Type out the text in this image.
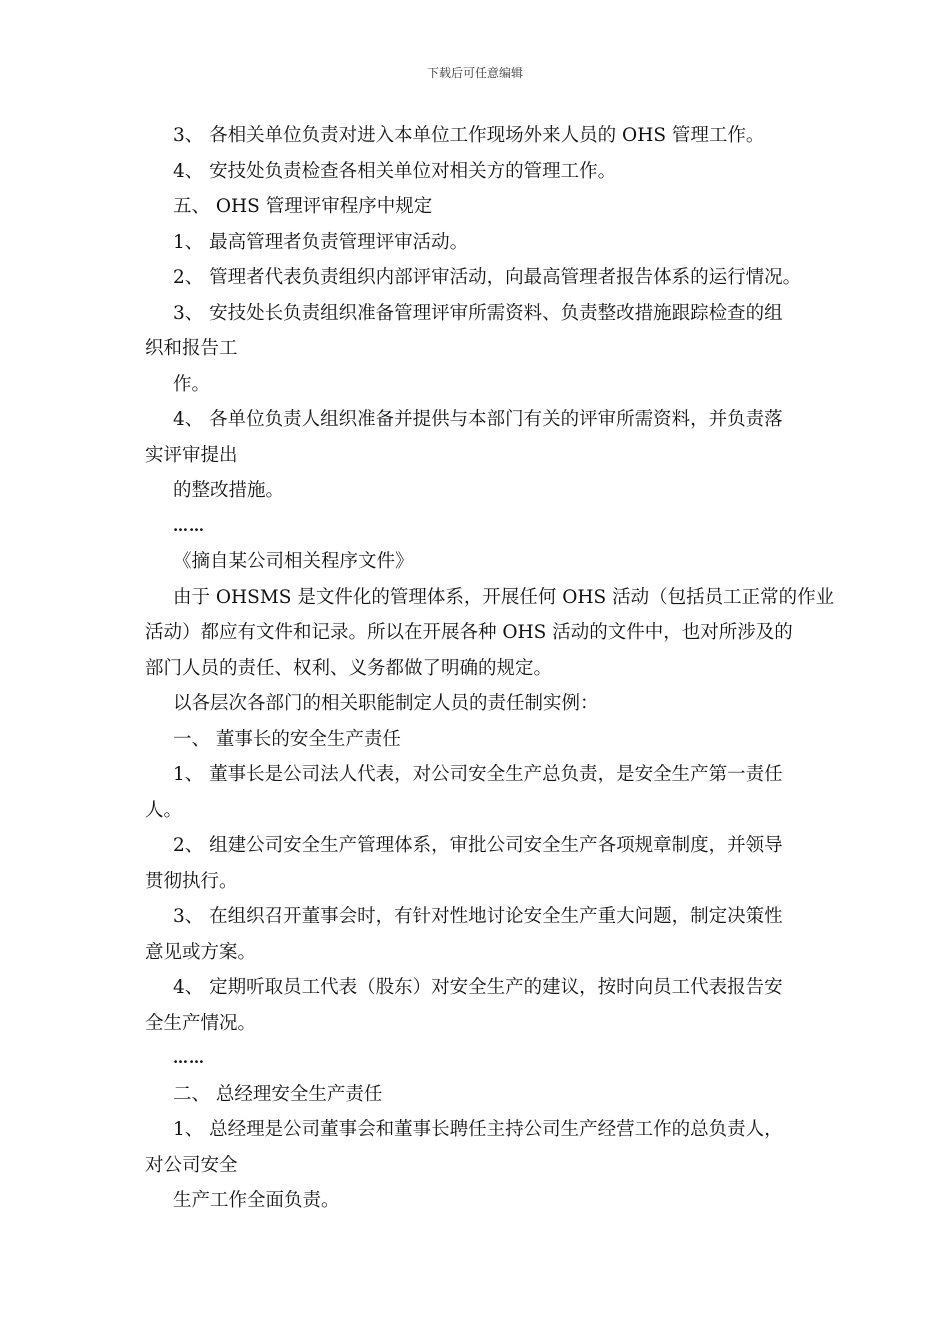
下载后可任意编辑
3、 各相关单位负责对进入本单位工作现场外来人员的 OHS 管理工作。
4、 安技处负责检查各相关单位对相关方的管理工作。
五、 OHS 管理评审程序中规定
1、 最高管理者负责管理评审活动。
2、 管理者代表负责组织内部评审活动，向最高管理者报告体系的运行情况。
3、 安技处长负责组织准备管理评审所需资料、负责整改措施跟踪检查的组
织和报告工
作。
4、 各单位负责人组织准备并提供与本部门有关的评审所需资料，并负责落
实评审提出
的整改措施。
……
《摘自某公司相关程序文件》
由于 OHSMS 是文件化的管理体系，开展任何 OHS 活动（包括员工正常的作业
活动）都应有文件和记录。所以在开展各种 OHS 活动的文件中，也对所涉及的
部门人员的责任、权利、义务都做了明确的规定。
以各层次各部门的相关职能制定人员的责任制实例：
一、 董事长的安全生产责任
1、 董事长是公司法人代表，对公司安全生产总负责，是安全生产第一责任
人。
2、 组建公司安全生产管理体系，审批公司安全生产各项规章制度，并领导
贯彻执行。
3、 在组织召开董事会时，有针对性地讨论安全生产重大问题，制定决策性
意见或方案。
4、 定期听取员工代表（股东）对安全生产的建议，按时向员工代表报告安
全生产情况。
……
二、 总经理安全生产责任
1、 总经理是公司董事会和董事长聘任主持公司生产经营工作的总负责人，
对公司安全
生产工作全面负责。
